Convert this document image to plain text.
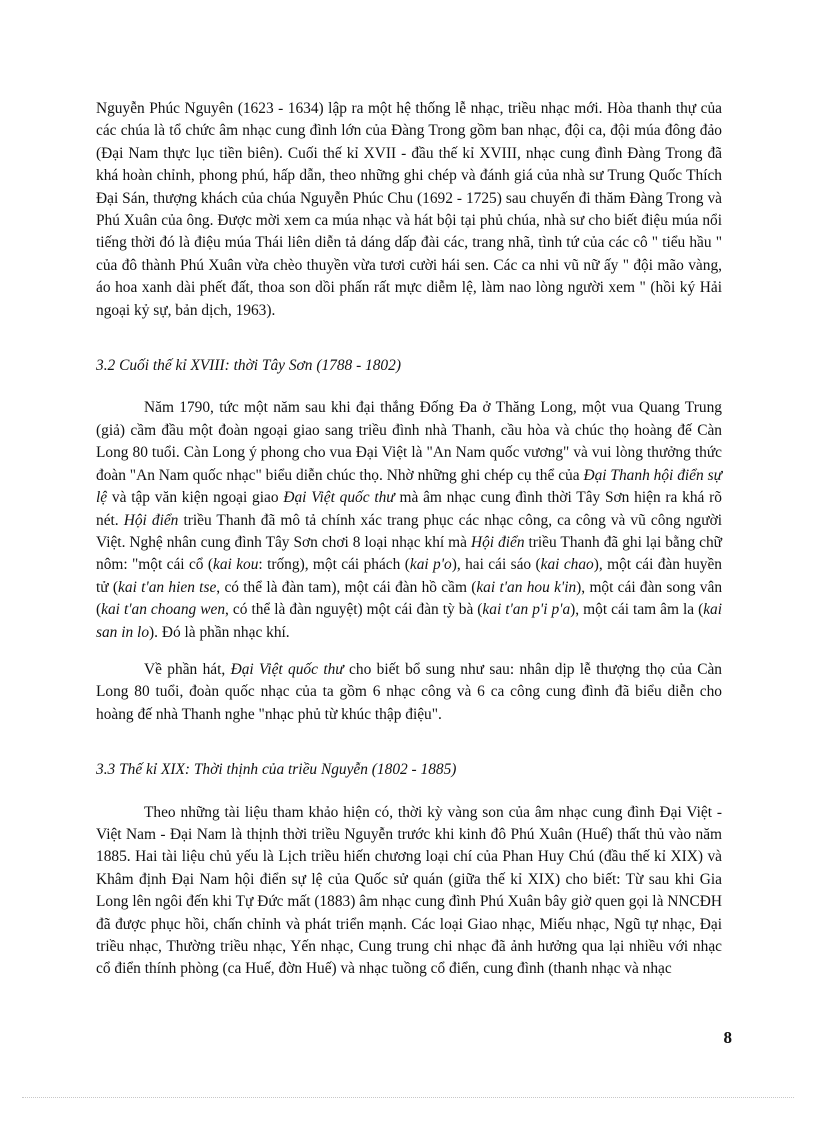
Nguyễn Phúc Nguyên (1623 - 1634) lập ra một hệ thống lễ nhạc, triều nhạc mới. Hòa thanh thự của các chúa là tổ chức âm nhạc cung đình lớn của Đàng Trong gồm ban nhạc, đội ca, đội múa đông đảo (Đại Nam thực lục tiền biên). Cuối thế kỉ XVII - đầu thế kỉ XVIII, nhạc cung đình Đàng Trong đã khá hoàn chỉnh, phong phú, hấp dẫn, theo những ghi chép và đánh giá của nhà sư Trung Quốc Thích Đại Sán, thượng khách của chúa Nguyễn Phúc Chu (1692 - 1725) sau chuyến đi thăm Đàng Trong và Phú Xuân của ông. Được mời xem ca múa nhạc và hát bội tại phủ chúa, nhà sư cho biết điệu múa nổi tiếng thời đó là điệu múa Thái liên diễn tả dáng dấp đài các, trang nhã, tình tứ của các cô " tiểu hầu " của đô thành Phú Xuân vừa chèo thuyền vừa tươi cười hái sen. Các ca nhi vũ nữ ấy " đội mão vàng, áo hoa xanh dài phết đất, thoa son dồi phấn rất mực diễm lệ, làm nao lòng người xem " (hồi ký Hải ngoại kỷ sự, bản dịch, 1963).

3.2 Cuối thế kỉ XVIII: thời Tây Sơn (1788 - 1802)

Năm 1790, tức một năm sau khi đại thắng Đống Đa ở Thăng Long, một vua Quang Trung (giả) cầm đầu một đoàn ngoại giao sang triều đình nhà Thanh, cầu hòa và chúc thọ hoàng đế Càn Long 80 tuổi. Càn Long ý phong cho vua Đại Việt là "An Nam quốc vương" và vui lòng thưởng thức đoàn "An Nam quốc nhạc" biểu diễn chúc thọ. Nhờ những ghi chép cụ thể của Đại Thanh hội điển sự lệ và tập văn kiện ngoại giao Đại Việt quốc thư mà âm nhạc cung đình thời Tây Sơn hiện ra khá rõ nét. Hội điển triều Thanh đã mô tả chính xác trang phục các nhạc công, ca công và vũ công người Việt. Nghệ nhân cung đình Tây Sơn chơi 8 loại nhạc khí mà Hội điển triều Thanh đã ghi lại bằng chữ nôm: "một cái cổ (kai kou: trống), một cái phách (kai p'o), hai cái sáo (kai chao), một cái đàn huyền tử (kai t'an hien tse, có thể là đàn tam), một cái đàn hồ cầm (kai t'an hou k'in), một cái đàn song vân (kai t'an choang wen, có thể là đàn nguyệt) một cái đàn tỳ bà (kai t'an p'i p'a), một cái tam âm la (kai san in lo). Đó là phần nhạc khí.

Về phần hát, Đại Việt quốc thư cho biết bổ sung như sau: nhân dịp lễ thượng thọ của Càn Long 80 tuổi, đoàn quốc nhạc của ta gồm 6 nhạc công và 6 ca công cung đình đã biểu diễn cho hoàng đế nhà Thanh nghe "nhạc phủ từ khúc thập điệu".

3.3 Thế kỉ XIX: Thời thịnh của triều Nguyễn (1802 - 1885)

Theo những tài liệu tham khảo hiện có, thời kỳ vàng son của âm nhạc cung đình Đại Việt - Việt Nam - Đại Nam là thịnh thời triều Nguyễn trước khi kinh đô Phú Xuân (Huế) thất thủ vào năm 1885. Hai tài liệu chủ yếu là Lịch triều hiến chương loại chí của Phan Huy Chú (đầu thế kỉ XIX) và Khâm định Đại Nam hội điển sự lệ của Quốc sử quán (giữa thế kỉ XIX) cho biết: Từ sau khi Gia Long lên ngôi đến khi Tự Đức mất (1883) âm nhạc cung đình Phú Xuân bây giờ quen gọi là NNCĐH đã được phục hồi, chấn chỉnh và phát triển mạnh. Các loại Giao nhạc, Miếu nhạc, Ngũ tự nhạc, Đại triều nhạc, Thường triều nhạc, Yến nhạc, Cung trung chi nhạc đã ảnh hưởng qua lại nhiều với nhạc cổ điển thính phòng (ca Huế, đờn Huế) và nhạc tuồng cổ điển, cung đình (thanh nhạc và nhạc

8
